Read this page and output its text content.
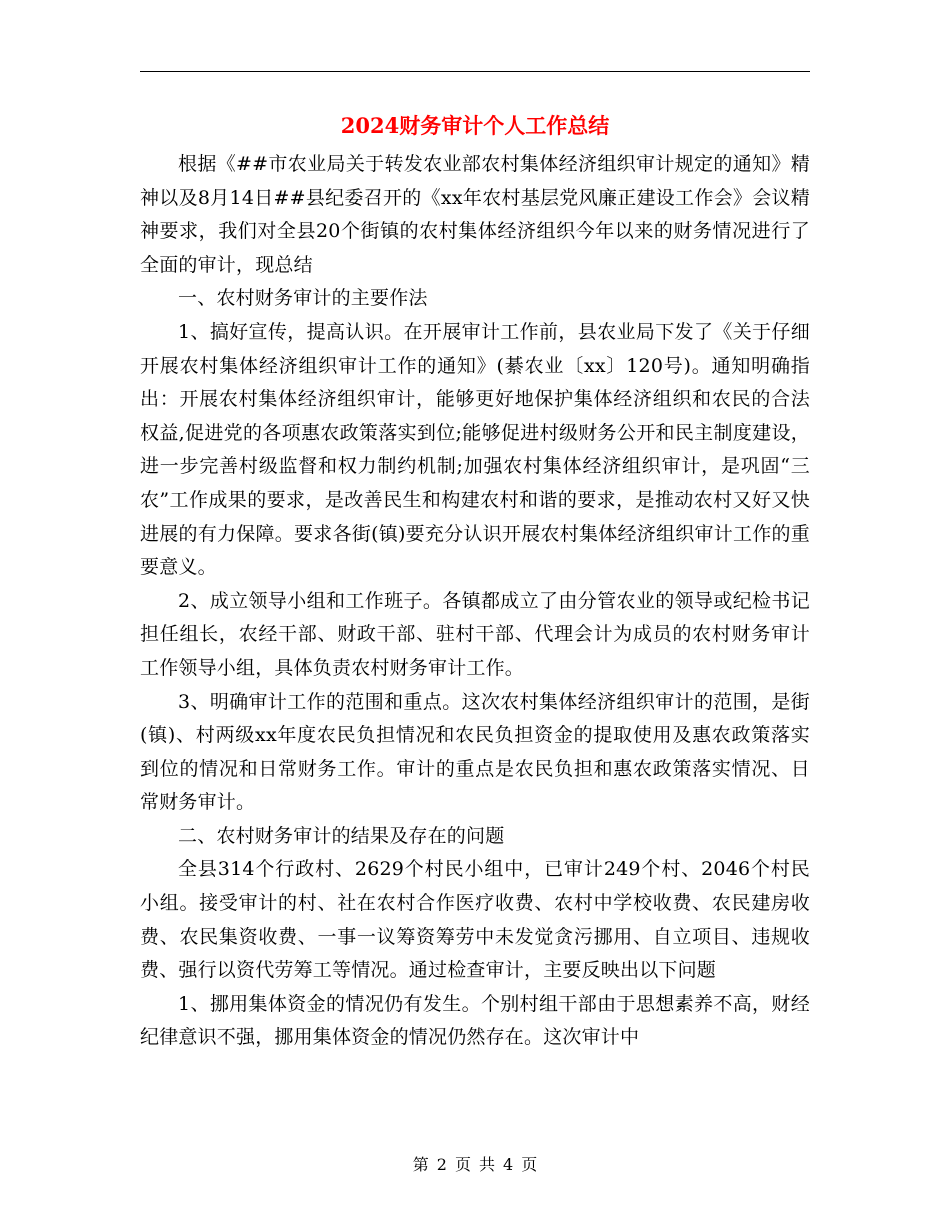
2024财务审计个人工作总结

根据《##市农业局关于转发农业部农村集体经济组织审计规定的通知》精神以及8月14日##县纪委召开的《xx年农村基层党风廉正建设工作会》会议精神要求，我们对全县20个街镇的农村集体经济组织今年以来的财务情况进行了全面的审计，现总结

一、农村财务审计的主要作法

1、搞好宣传，提高认识。在开展审计工作前，县农业局下发了《关于仔细开展农村集体经济组织审计工作的通知》(綦农业〔xx〕120号)。通知明确指出：开展农村集体经济组织审计，能够更好地保护集体经济组织和农民的合法权益,促进党的各项惠农政策落实到位;能够促进村级财务公开和民主制度建设，进一步完善村级监督和权力制约机制;加强农村集体经济组织审计，是巩固“三农”工作成果的要求，是改善民生和构建农村和谐的要求，是推动农村又好又快进展的有力保障。要求各街(镇)要充分认识开展农村集体经济组织审计工作的重要意义。

2、成立领导小组和工作班子。各镇都成立了由分管农业的领导或纪检书记担任组长，农经干部、财政干部、驻村干部、代理会计为成员的农村财务审计工作领导小组，具体负责农村财务审计工作。

3、明确审计工作的范围和重点。这次农村集体经济组织审计的范围，是街(镇)、村两级xx年度农民负担情况和农民负担资金的提取使用及惠农政策落实到位的情况和日常财务工作。审计的重点是农民负担和惠农政策落实情况、日常财务审计。

二、农村财务审计的结果及存在的问题

全县314个行政村、2629个村民小组中，已审计249个村、2046个村民小组。接受审计的村、社在农村合作医疗收费、农村中学校收费、农民建房收费、农民集资收费、一事一议筹资筹劳中未发觉贪污挪用、自立项目、违规收费、强行以资代劳筹工等情况。通过检查审计，主要反映出以下问题

1、挪用集体资金的情况仍有发生。个别村组干部由于思想素养不高，财经纪律意识不强，挪用集体资金的情况仍然存在。这次审计中

第 2 页 共 4 页
